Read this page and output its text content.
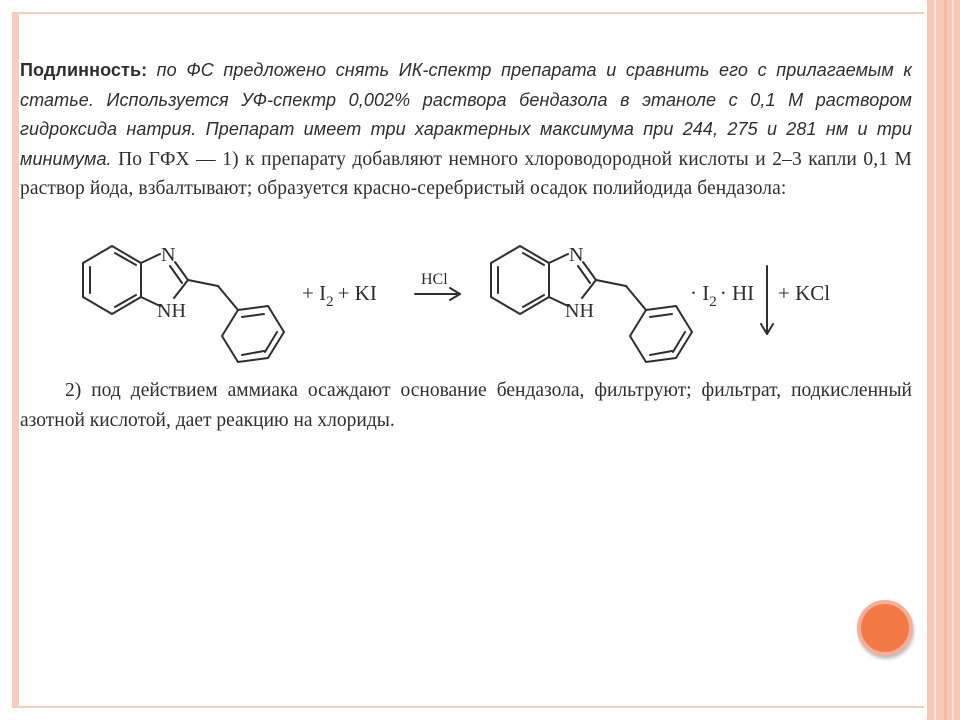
Подлинность: по ФС предложено снять ИК-спектр препарата и сравнить его с прилагаемым к статье. Используется УФ-спектр 0,002% раствора бендазола в этаноле с 0,1 М раствором гидроксида натрия. Препарат имеет три характерных максимума при 244, 275 и 281 нм и три минимума. По ГФХ — 1) к препарату добавляют немного хлороводородной кислоты и 2–3 капли 0,1 М раствор йода, взбалтывают; образуется красно-серебристый осадок полийодида бендазола:
2) под действием аммиака осаждают основание бендазола, фильтруют; фильтрат, подкисленный азотной кислотой, дает реакцию на хлориды.
N
NH
+ $I_2$ + KI
HCl
N
NH
· $I_2$ · HI + KCl
